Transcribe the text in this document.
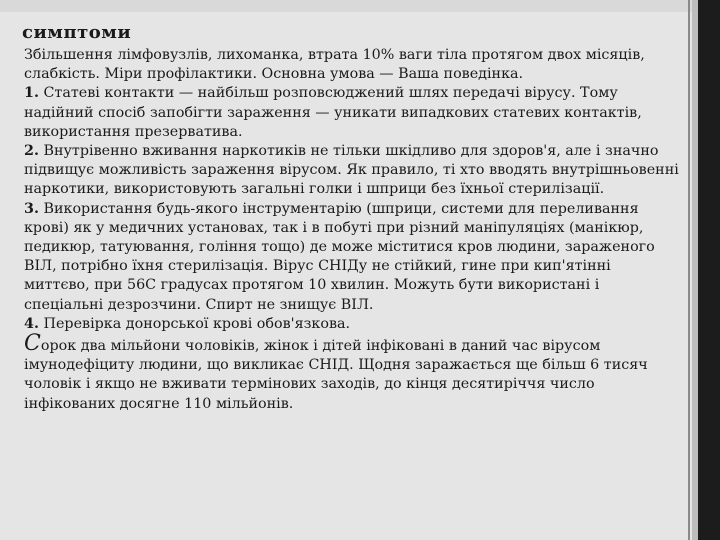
симптоми

Збільшення лімфовузлів, лихоманка, втрата 10% ваги тіла протягом двох місяців, слабкість. Міри профілактики. Основна умова — Ваша поведінка.

1. Статеві контакти — найбільш розповсюджений шлях передачі вірусу. Тому надійний спосіб запобігти зараження — уникати випадкових статевих контактів, використання презервативa.

2. Внутрівенно вживання наркотиків не тільки шкідливо для здоров'я, але і значно підвищує можливість зараження вірусом. Як правило, ті хто вводять внутрішньовенні наркотики, використовують загальні голки і шприци без їхньої стерилізації.

3. Використання будь-якого інструментарію (шприци, системи для переливання крові) як у медичних установах, так і в побуті при різний маніпуляціях (манікюр, педикюр, татуювання, гоління тощо) де може міститися кров людини, зараженого ВІЛ, потрібно їхня стерилізація. Вірус СНІДу не стійкий, гине при кип'ятінні миттєво, при 56С градусах протягом 10 хвилин. Можуть бути використані і спеціальні дезрозчини. Спирт не знищує ВІЛ.

4. Перевірка донорської крові обов'язкова.

Сорок два мільйони чоловіків, жінок і дітей інфіковані в даний час вірусом імунодефіциту людини, що викликає СНІД. Щодня заражається ще більш 6 тисяч чоловік і якщо не вживати термінових заходів, до кінця десятиріччя число інфікованих досягне 110 мільйонів.
